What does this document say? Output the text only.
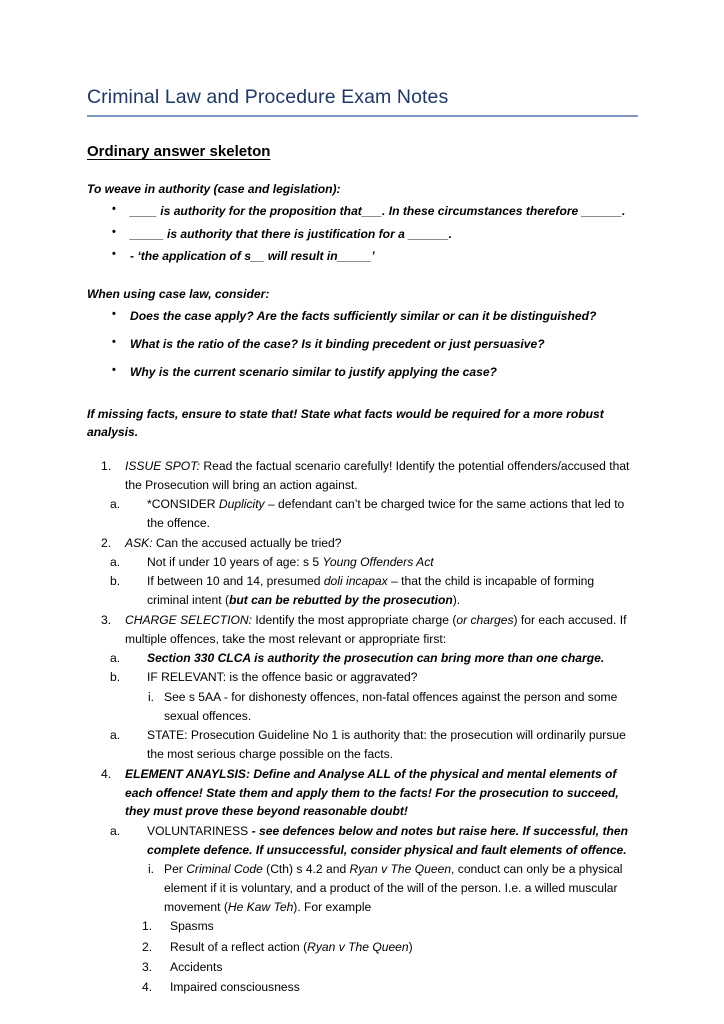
Criminal Law and Procedure Exam Notes
Ordinary answer skeleton

To weave in authority (case and legislation):

• ____ is authority for the proposition that___. In these circumstances therefore ______.
• _____ is authority that there is justification for a ______.
• - ‘the application of s__ will result in_____’

When using case law, consider:

• Does the case apply? Are the facts sufficiently similar or can it be distinguished?
• What is the ratio of the case? Is it binding precedent or just persuasive?
• Why is the current scenario similar to justify applying the case?

If missing facts, ensure to state that! State what facts would be required for a more robust analysis.

1.	ISSUE SPOT: Read the factual scenario carefully! Identify the potential offenders/accused that the Prosecution will bring an action against.
a.	*CONSIDER Duplicity – defendant can’t be charged twice for the same actions that led to the offence.
2.	ASK: Can the accused actually be tried?
a.	Not if under 10 years of age: s 5 Young Offenders Act
b.	If between 10 and 14, presumed doli incapax – that the child is incapable of forming criminal intent (but can be rebutted by the prosecution).
3.	CHARGE SELECTION: Identify the most appropriate charge (or charges) for each accused. If multiple offences, take the most relevant or appropriate first:
a.	Section 330 CLCA is authority the prosecution can bring more than one charge.
b.	IF RELEVANT: is the offence basic or aggravated?
i. See s 5AA - for dishonesty offences, non-fatal offences against the person and some sexual offences.
a.	STATE: Prosecution Guideline No 1 is authority that: the prosecution will ordinarily pursue the most serious charge possible on the facts.
4.	ELEMENT ANAYLSIS: Define and Analyse ALL of the physical and mental elements of each offence! State them and apply them to the facts! For the prosecution to succeed, they must prove these beyond reasonable doubt!
a.	VOLUNTARINESS - see defences below and notes but raise here. If successful, then complete defence. If unsuccessful, consider physical and fault elements of offence.
i. Per Criminal Code (Cth) s 4.2 and Ryan v The Queen, conduct can only be a physical element if it is voluntary, and a product of the will of the person. I.e. a willed muscular movement (He Kaw Teh). For example
1.	Spasms
2.	Result of a reflect action (Ryan v The Queen)
3.	Accidents
4.	Impaired consciousness
